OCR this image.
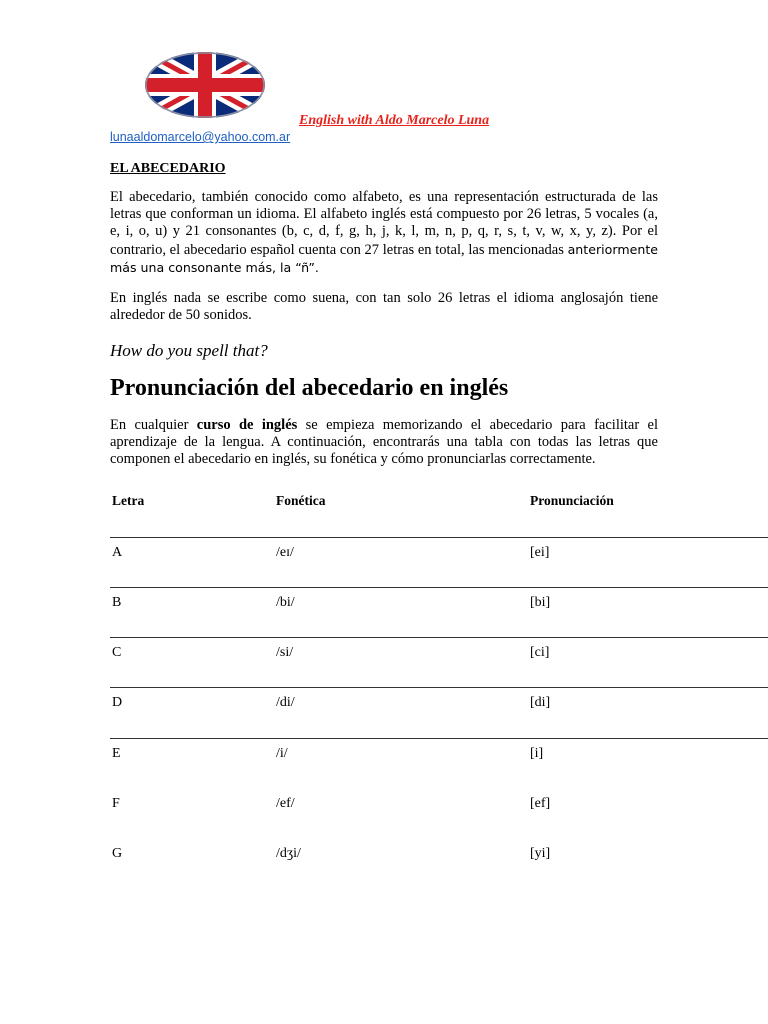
English with Aldo Marcelo Luna
lunaaldomarcelo@yahoo.com.ar
EL ABECEDARIO
El abecedario, también conocido como alfabeto, es una representación estructurada de las letras que conforman un idioma. El alfabeto inglés está compuesto por 26 letras, 5 vocales (a, e, i, o, u) y 21 consonantes (b, c, d, f, g, h, j, k, l, m, n, p, q, r, s, t, v, w, x, y, z). Por el contrario, el abecedario español cuenta con 27 letras en total, las mencionadas anteriormente más una consonante más, la “ñ”.
En inglés nada se escribe como suena, con tan solo 26 letras el idioma anglosajón tiene alrededor de 50 sonidos.
How do you spell that?
Pronunciación del abecedario en inglés
En cualquier curso de inglés se empieza memorizando el abecedario para facilitar el aprendizaje de la lengua. A continuación, encontrarás una tabla con todas las letras que componen el abecedario en inglés, su fonética y cómo pronunciarlas correctamente.
Letra	Fonética	Pronunciación
A	/eɪ/	[ei]
B	/bi/	[bi]
C	/si/	[ci]
D	/di/	[di]
E	/i/	[i]
F	/ef/	[ef]
G	/dʒi/	[yi]
